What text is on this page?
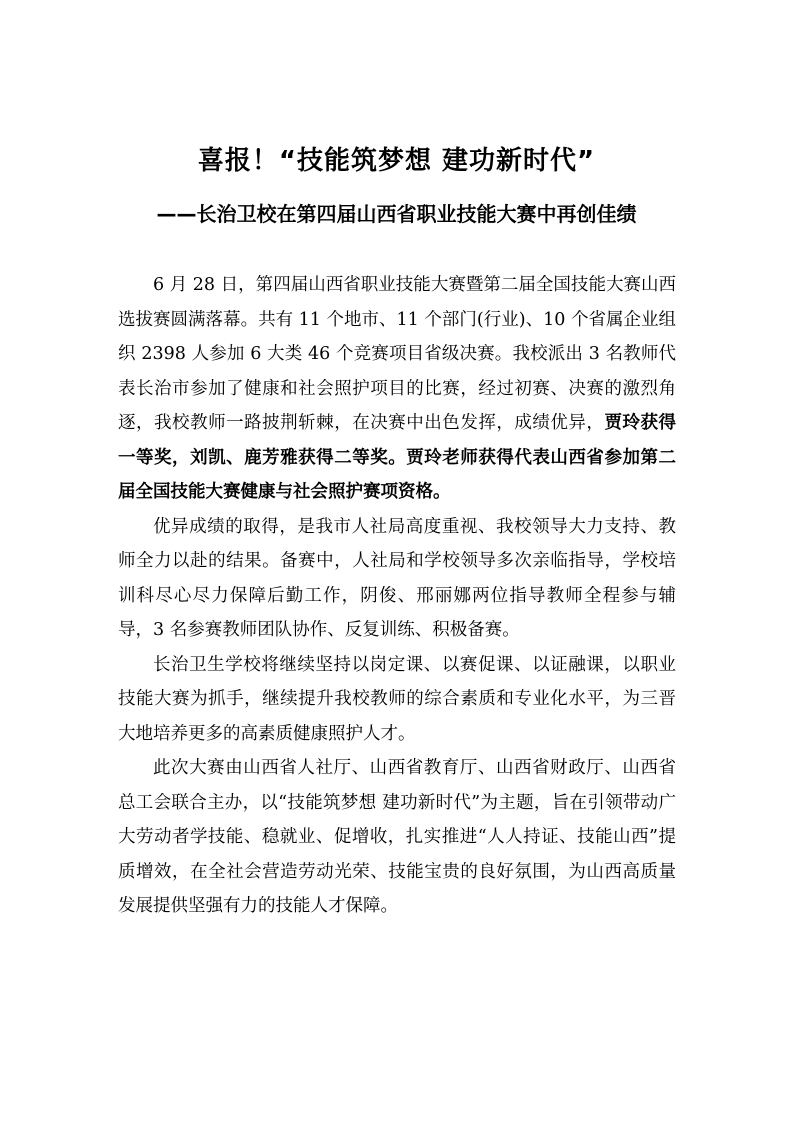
喜报！“技能筑梦想 建功新时代”
——长治卫校在第四届山西省职业技能大赛中再创佳绩

6 月 28 日，第四届山西省职业技能大赛暨第二届全国技能大赛山西选拔赛圆满落幕。共有 11 个地市、11 个部门(行业)、10 个省属企业组织 2398 人参加 6 大类 46 个竞赛项目省级决赛。我校派出 3 名教师代表长治市参加了健康和社会照护项目的比赛，经过初赛、决赛的激烈角逐，我校教师一路披荆斩棘，在决赛中出色发挥，成绩优异，贾玲获得一等奖，刘凯、鹿芳雅获得二等奖。贾玲老师获得代表山西省参加第二届全国技能大赛健康与社会照护赛项资格。

优异成绩的取得，是我市人社局高度重视、我校领导大力支持、教师全力以赴的结果。备赛中，人社局和学校领导多次亲临指导，学校培训科尽心尽力保障后勤工作，阴俊、邢丽娜两位指导教师全程参与辅导，3 名参赛教师团队协作、反复训练、积极备赛。

长治卫生学校将继续坚持以岗定课、以赛促课、以证融课，以职业技能大赛为抓手，继续提升我校教师的综合素质和专业化水平，为三晋大地培养更多的高素质健康照护人才。

此次大赛由山西省人社厅、山西省教育厅、山西省财政厅、山西省总工会联合主办，以“技能筑梦想 建功新时代”为主题，旨在引领带动广大劳动者学技能、稳就业、促增收，扎实推进“人人持证、技能山西”提质增效，在全社会营造劳动光荣、技能宝贵的良好氛围，为山西高质量发展提供坚强有力的技能人才保障。
